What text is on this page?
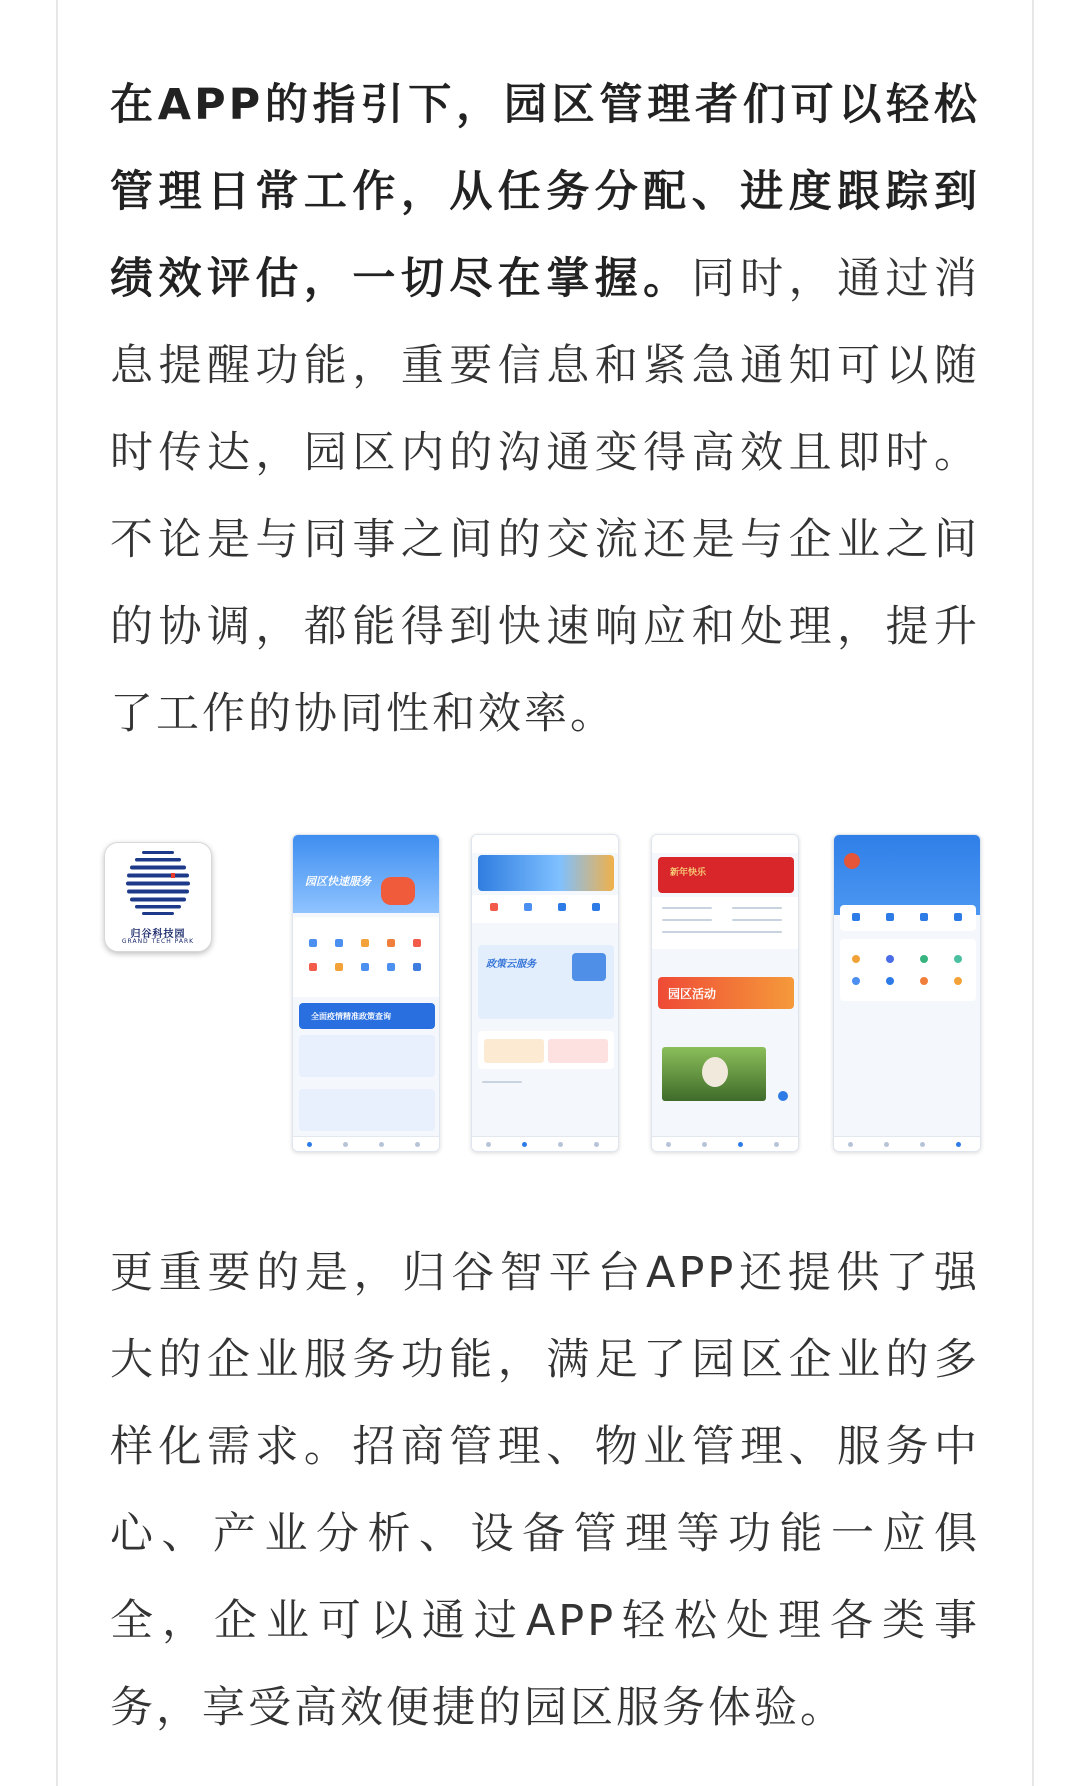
在APP的指引下，园区管理者们可以轻松管理日常工作，从任务分配、进度跟踪到绩效评估，一切尽在掌握。同时，通过消息提醒功能，重要信息和紧急通知可以随时传达，园区内的沟通变得高效且即时。不论是与同事之间的交流还是与企业之间的协调，都能得到快速响应和处理，提升了工作的协同性和效率。

归谷科技园
GRAND TECH PARK
园区快速服务
全面疫情精准政策查询
政策云服务
新年快乐
园区活动

更重要的是，归谷智平台APP还提供了强大的企业服务功能，满足了园区企业的多样化需求。招商管理、物业管理、服务中心、产业分析、设备管理等功能一应俱全，企业可以通过APP轻松处理各类事务，享受高效便捷的园区服务体验。
